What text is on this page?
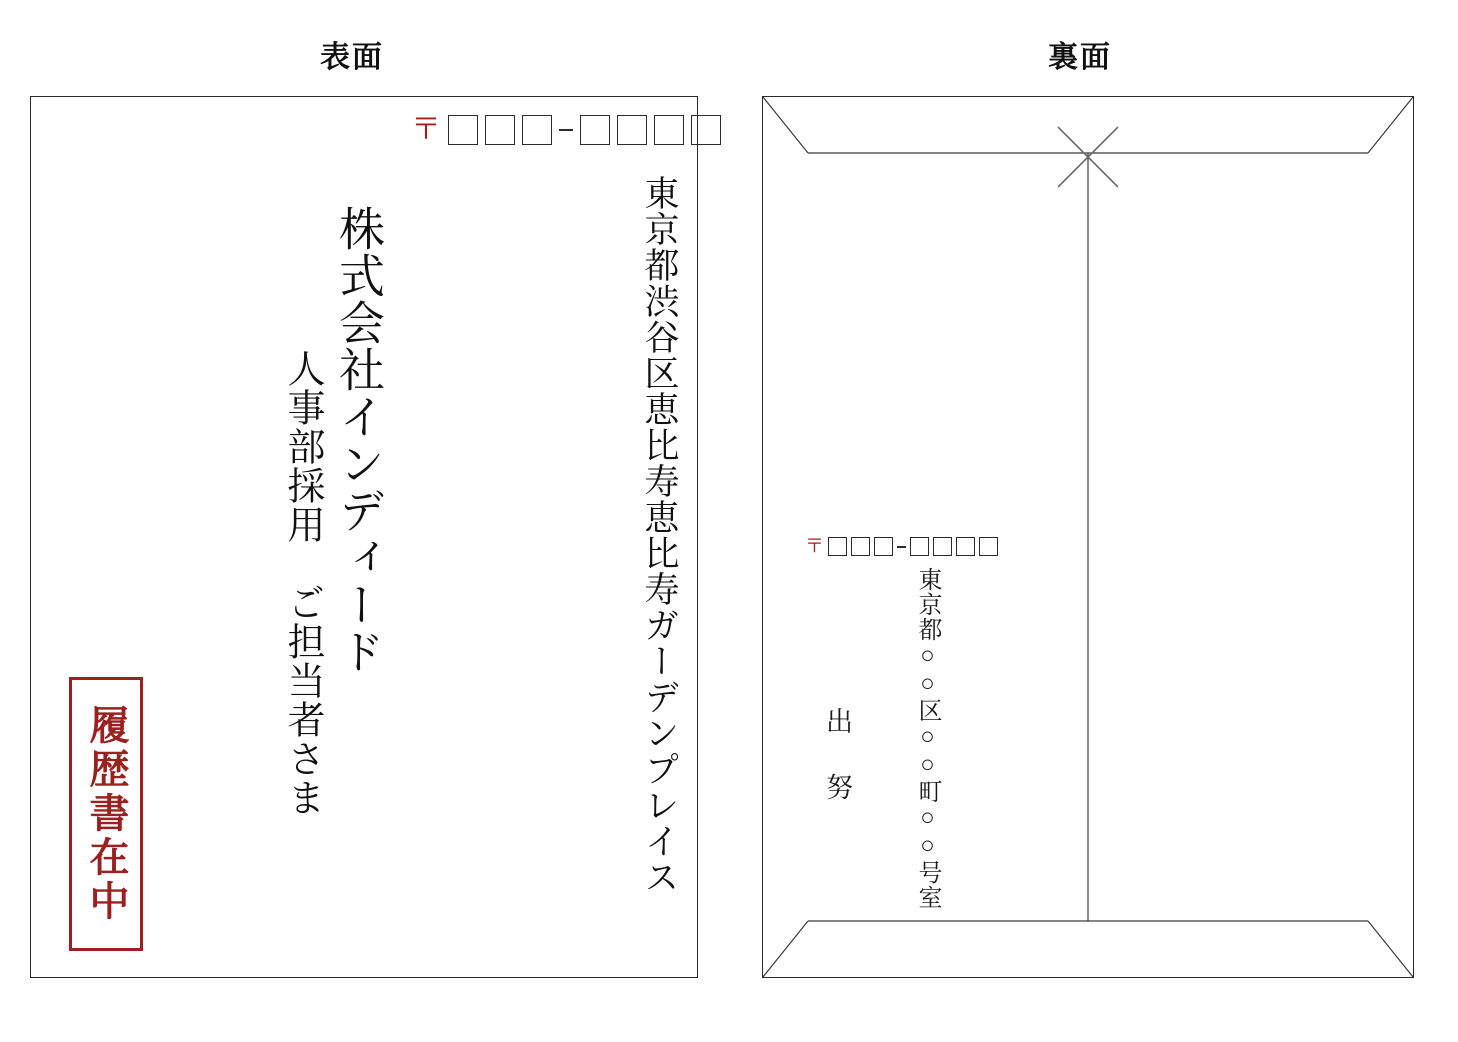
表面
〒
東京都渋谷区恵比寿恵比寿ガーデンプレイス
株式会社インディード
人事部採用　ご担当者さま
履歴書在中
裏面
〒
東京都○○区○○町○○号室
出　努
